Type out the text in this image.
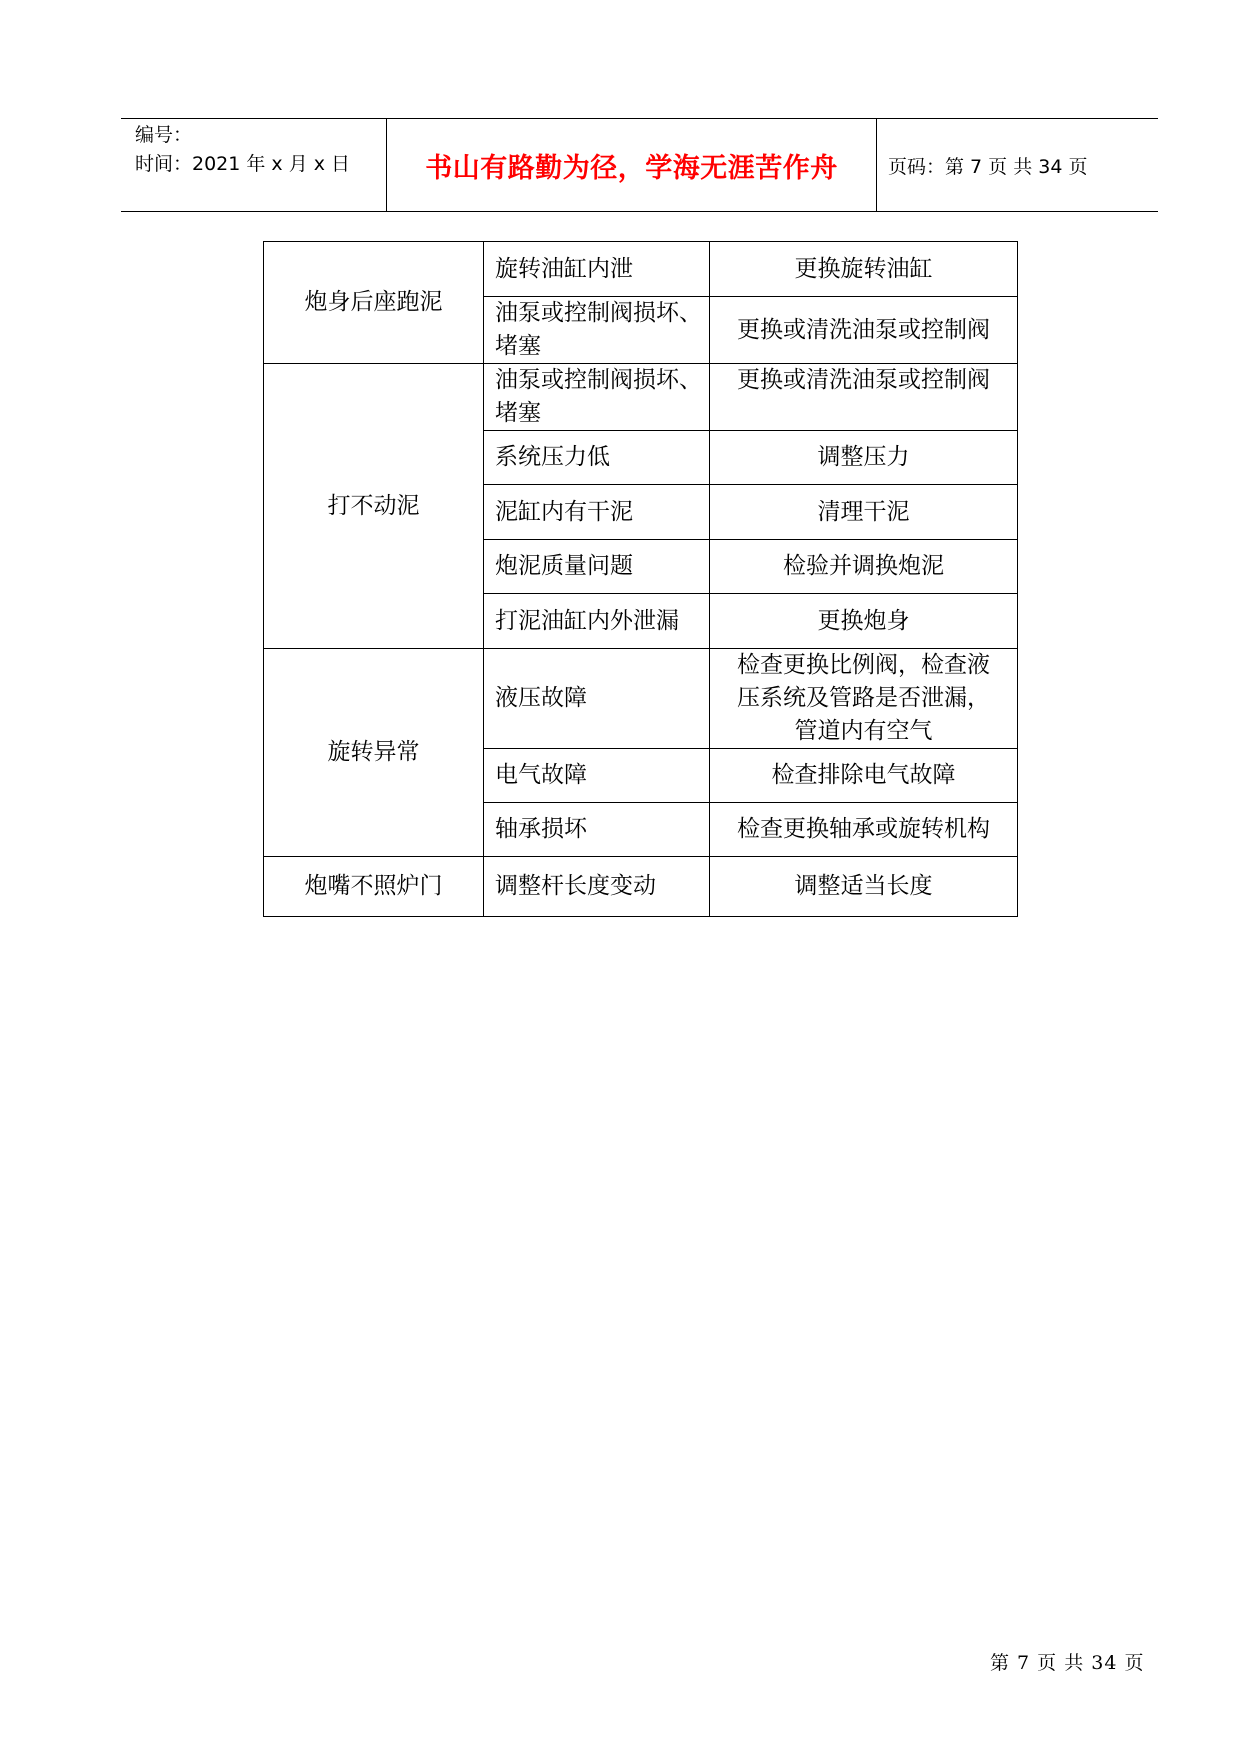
编号：
时间：2021 年 x 月 x 日	书山有路勤为径，学海无涯苦作舟	页码：第 7 页 共 34 页
炮身后座跑泥	旋转油缸内泄	更换旋转油缸
	油泵或控制阀损坏、堵塞	更换或清洗油泵或控制阀
打不动泥	油泵或控制阀损坏、堵塞	更换或清洗油泵或控制阀
	系统压力低	调整压力
	泥缸内有干泥	清理干泥
	炮泥质量问题	检验并调换炮泥
	打泥油缸内外泄漏	更换炮身
旋转异常	液压故障	检查更换比例阀，检查液压系统及管路是否泄漏，管道内有空气
	电气故障	检查排除电气故障
	轴承损坏	检查更换轴承或旋转机构
炮嘴不照炉门	调整杆长度变动	调整适当长度
第 7 页 共 34 页
